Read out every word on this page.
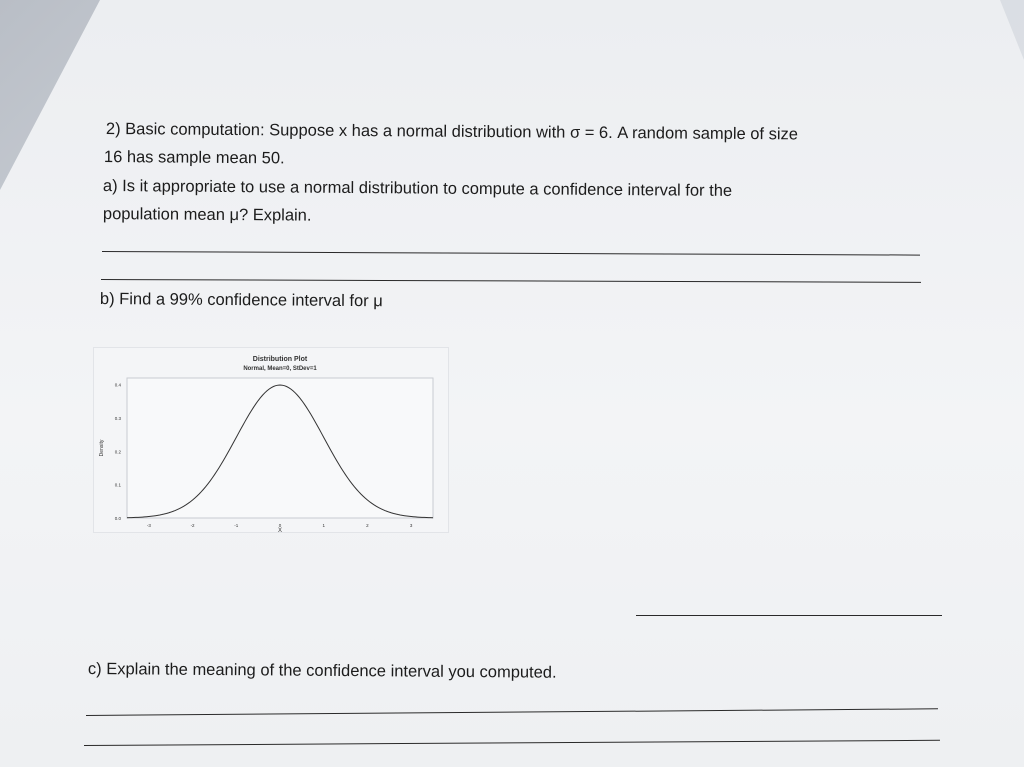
2) Basic computation: Suppose x has a normal distribution with σ = 6. A random sample of size
16 has sample mean 50.
a) Is it appropriate to use a normal distribution to compute a confidence interval for the
population mean μ? Explain.
b) Find a 99% confidence interval for μ
Distribution Plot
Normal, Mean=0, StDev=1
Density
X
0.0
0.1
0.2
0.3
0.4
-3	-2	-1	0	1	2	3
c) Explain the meaning of the confidence interval you computed.
